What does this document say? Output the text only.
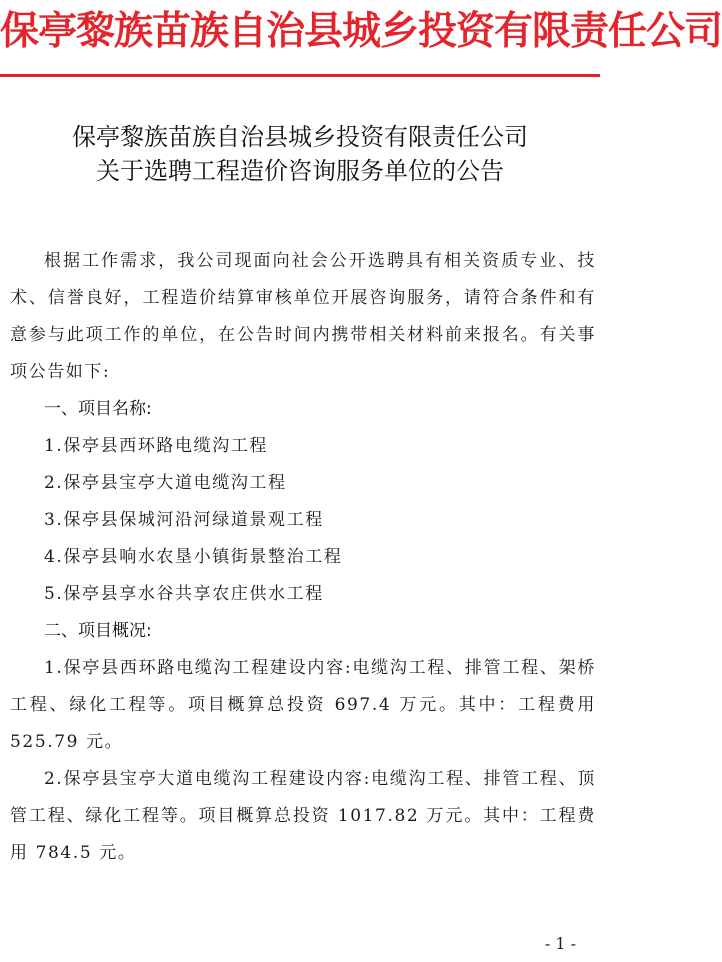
保亭黎族苗族自治县城乡投资有限责任公司
保亭黎族苗族自治县城乡投资有限责任公司
关于选聘工程造价咨询服务单位的公告

根据工作需求，我公司现面向社会公开选聘具有相关资质专业、技术、信誉良好，工程造价结算审核单位开展咨询服务，请符合条件和有意参与此项工作的单位，在公告时间内携带相关材料前来报名。有关事项公告如下:

一、项目名称:

1.保亭县西环路电缆沟工程

2.保亭县宝亭大道电缆沟工程

3.保亭县保城河沿河绿道景观工程

4.保亭县响水农垦小镇街景整治工程

5.保亭县享水谷共享农庄供水工程

二、项目概况:

1.保亭县西环路电缆沟工程建设内容:电缆沟工程、排管工程、架桥工程、绿化工程等。项目概算总投资 697.4 万元。其中：工程费用 525.79 元。

2.保亭县宝亭大道电缆沟工程建设内容:电缆沟工程、排管工程、顶管工程、绿化工程等。项目概算总投资 1017.82 万元。其中：工程费用 784.5 元。

- 1 -
